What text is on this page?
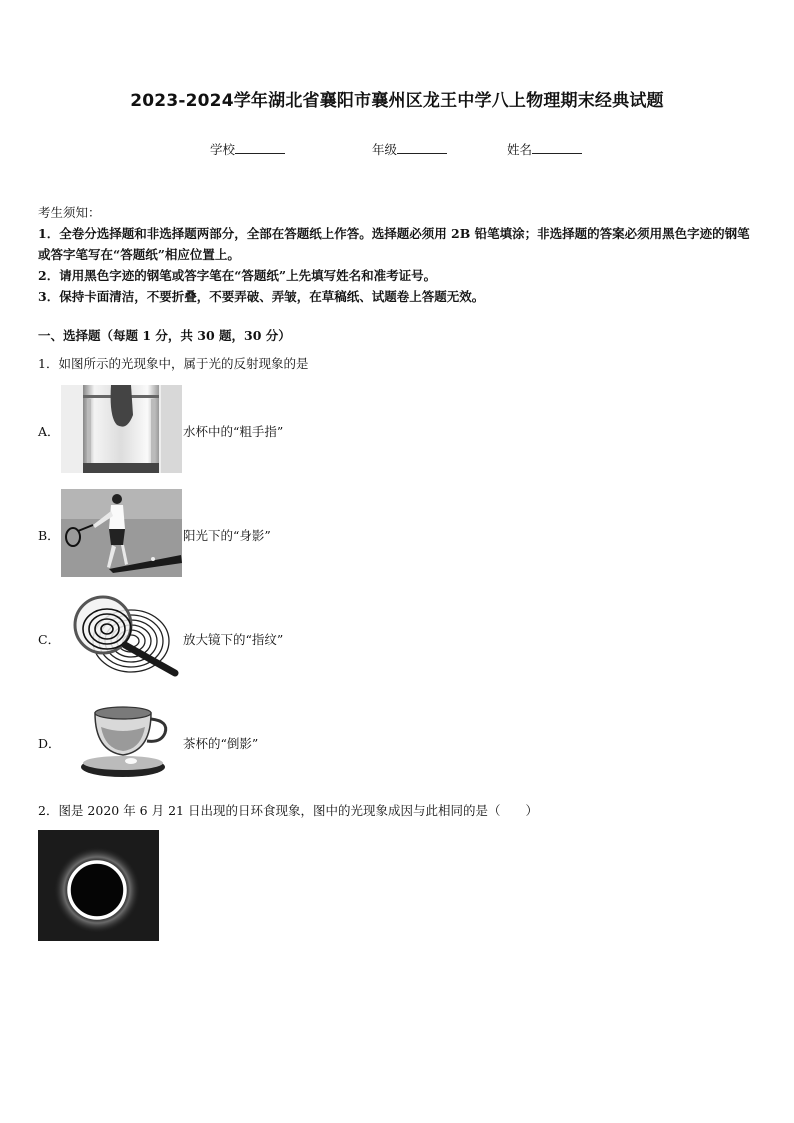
2023-2024学年湖北省襄阳市襄州区龙王中学八上物理期末经典试题
学校	年级	姓名

考生须知：

1．全卷分选择题和非选择题两部分，全部在答题纸上作答。选择题必须用 2B 铅笔填涂；非选择题的答案必须用黑色字迹的钢笔或答字笔写在“答题纸”相应位置上。

2．请用黑色字迹的钢笔或答字笔在“答题纸”上先填写姓名和准考证号。

3．保持卡面清洁，不要折叠，不要弄破、弄皱，在草稿纸、试题卷上答题无效。

一、选择题（每题 1 分，共 30 题，30 分）
1．如图所示的光现象中，属于光的反射现象的是
A．	水杯中的“粗手指”
B．	阳光下的“身影”
C．	放大镜下的“指纹”
D．	茶杯的“倒影”
2．图是 2020 年 6 月 21 日出现的日环食现象，图中的光现象成因与此相同的是（　　）
